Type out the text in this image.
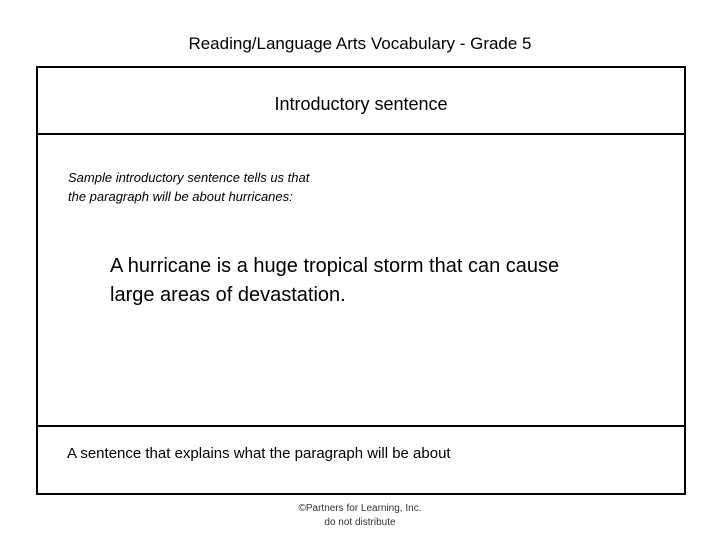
Reading/Language Arts Vocabulary - Grade 5
Introductory sentence
Sample introductory sentence tells us that
the paragraph will be about hurricanes:
A hurricane is a huge tropical storm that can cause
large areas of devastation.
A sentence that explains what the paragraph will be about
©Partners for Learning, Inc.
do not distribute
